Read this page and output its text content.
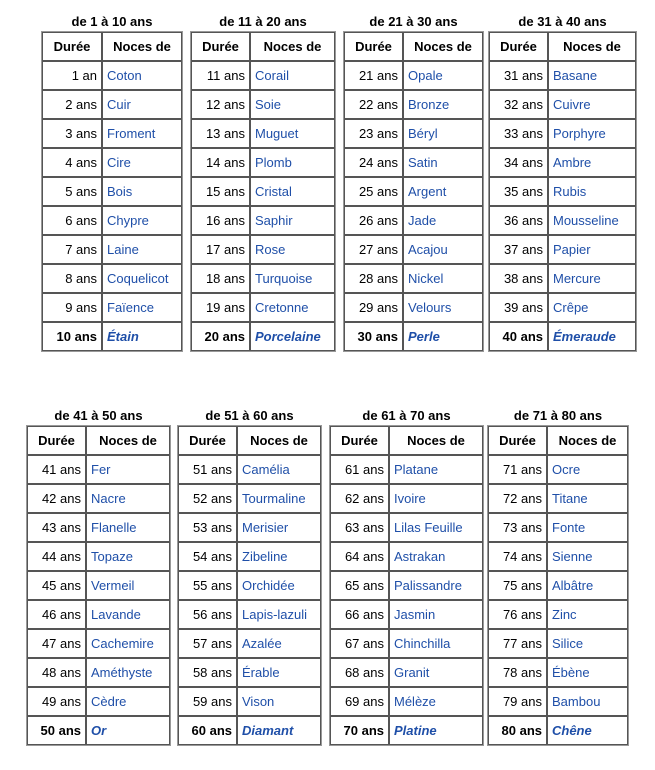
de 1 à 10 ans
Durée	Noces de
1 an	Coton
2 ans	Cuir
3 ans	Froment
4 ans	Cire
5 ans	Bois
6 ans	Chypre
7 ans	Laine
8 ans	Coquelicot
9 ans	Faïence
10 ans	Étain
de 11 à 20 ans
Durée	Noces de
11 ans	Corail
12 ans	Soie
13 ans	Muguet
14 ans	Plomb
15 ans	Cristal
16 ans	Saphir
17 ans	Rose
18 ans	Turquoise
19 ans	Cretonne
20 ans	Porcelaine
de 21 à 30 ans
Durée	Noces de
21 ans	Opale
22 ans	Bronze
23 ans	Béryl
24 ans	Satin
25 ans	Argent
26 ans	Jade
27 ans	Acajou
28 ans	Nickel
29 ans	Velours
30 ans	Perle
de 31 à 40 ans
Durée	Noces de
31 ans	Basane
32 ans	Cuivre
33 ans	Porphyre
34 ans	Ambre
35 ans	Rubis
36 ans	Mousseline
37 ans	Papier
38 ans	Mercure
39 ans	Crêpe
40 ans	Émeraude
de 41 à 50 ans
Durée	Noces de
41 ans	Fer
42 ans	Nacre
43 ans	Flanelle
44 ans	Topaze
45 ans	Vermeil
46 ans	Lavande
47 ans	Cachemire
48 ans	Améthyste
49 ans	Cèdre
50 ans	Or
de 51 à 60 ans
Durée	Noces de
51 ans	Camélia
52 ans	Tourmaline
53 ans	Merisier
54 ans	Zibeline
55 ans	Orchidée
56 ans	Lapis-lazuli
57 ans	Azalée
58 ans	Érable
59 ans	Vison
60 ans	Diamant
de 61 à 70 ans
Durée	Noces de
61 ans	Platane
62 ans	Ivoire
63 ans	Lilas Feuille
64 ans	Astrakan
65 ans	Palissandre
66 ans	Jasmin
67 ans	Chinchilla
68 ans	Granit
69 ans	Mélèze
70 ans	Platine
de 71 à 80 ans
Durée	Noces de
71 ans	Ocre
72 ans	Titane
73 ans	Fonte
74 ans	Sienne
75 ans	Albâtre
76 ans	Zinc
77 ans	Silice
78 ans	Ébène
79 ans	Bambou
80 ans	Chêne
